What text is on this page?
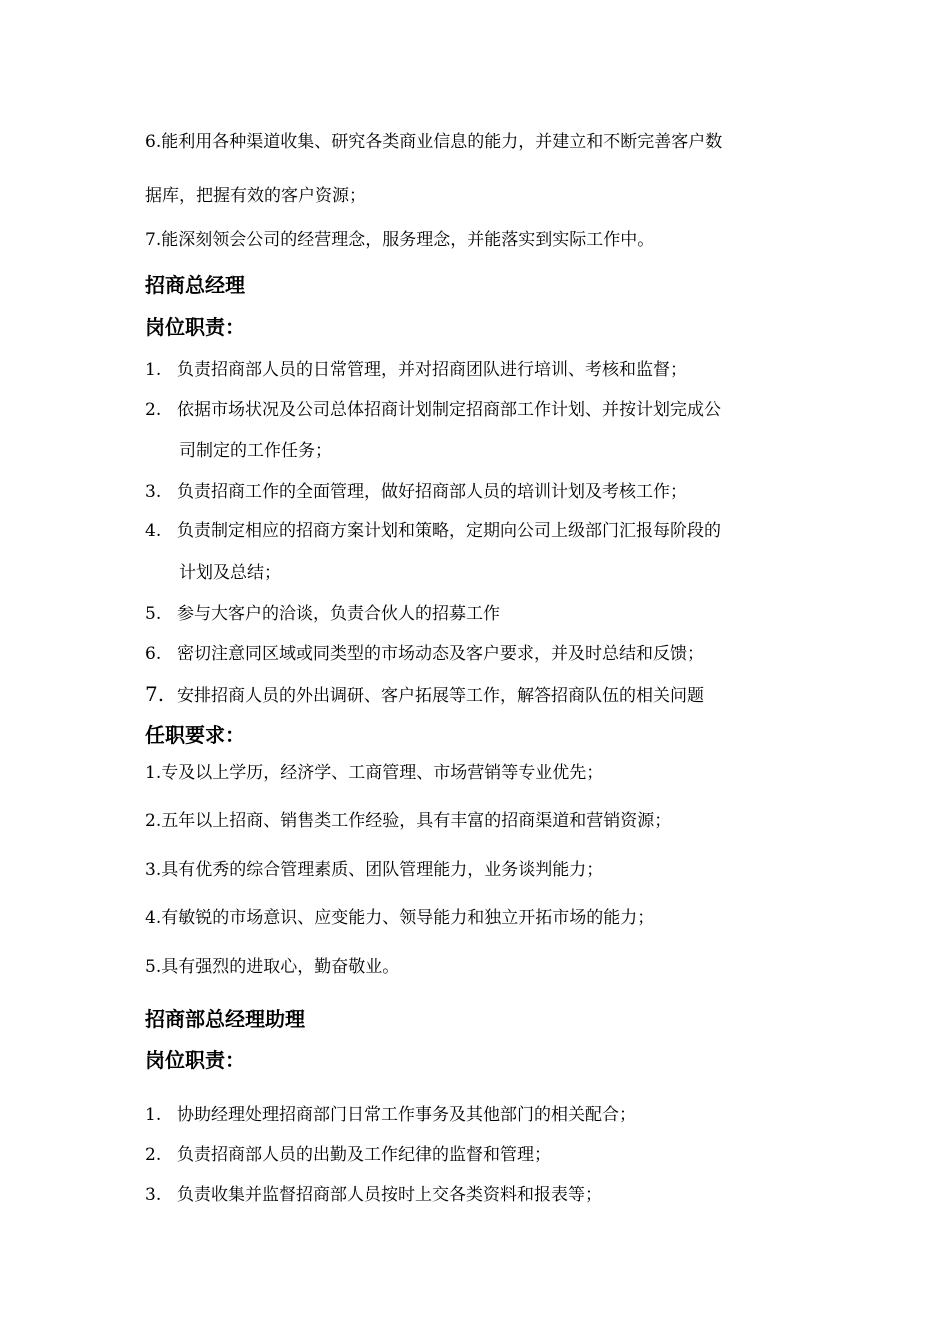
6.能利用各种渠道收集、研究各类商业信息的能力，并建立和不断完善客户数
据库，把握有效的客户资源；
7.能深刻领会公司的经营理念，服务理念，并能落实到实际工作中。
招商总经理
岗位职责：
1. 负责招商部人员的日常管理，并对招商团队进行培训、考核和监督；
2. 依据市场状况及公司总体招商计划制定招商部工作计划、并按计划完成公
司制定的工作任务；
3. 负责招商工作的全面管理，做好招商部人员的培训计划及考核工作；
4. 负责制定相应的招商方案计划和策略，定期向公司上级部门汇报每阶段的
计划及总结；
5. 参与大客户的洽谈，负责合伙人的招募工作
6. 密切注意同区域或同类型的市场动态及客户要求，并及时总结和反馈；
7. 安排招商人员的外出调研、客户拓展等工作，解答招商队伍的相关问题
任职要求：
1.专及以上学历，经济学、工商管理、市场营销等专业优先；
2.五年以上招商、销售类工作经验，具有丰富的招商渠道和营销资源；
3.具有优秀的综合管理素质、团队管理能力，业务谈判能力；
4.有敏锐的市场意识、应变能力、领导能力和独立开拓市场的能力；
5.具有强烈的进取心，勤奋敬业。
招商部总经理助理
岗位职责：
1. 协助经理处理招商部门日常工作事务及其他部门的相关配合；
2. 负责招商部人员的出勤及工作纪律的监督和管理；
3. 负责收集并监督招商部人员按时上交各类资料和报表等；
